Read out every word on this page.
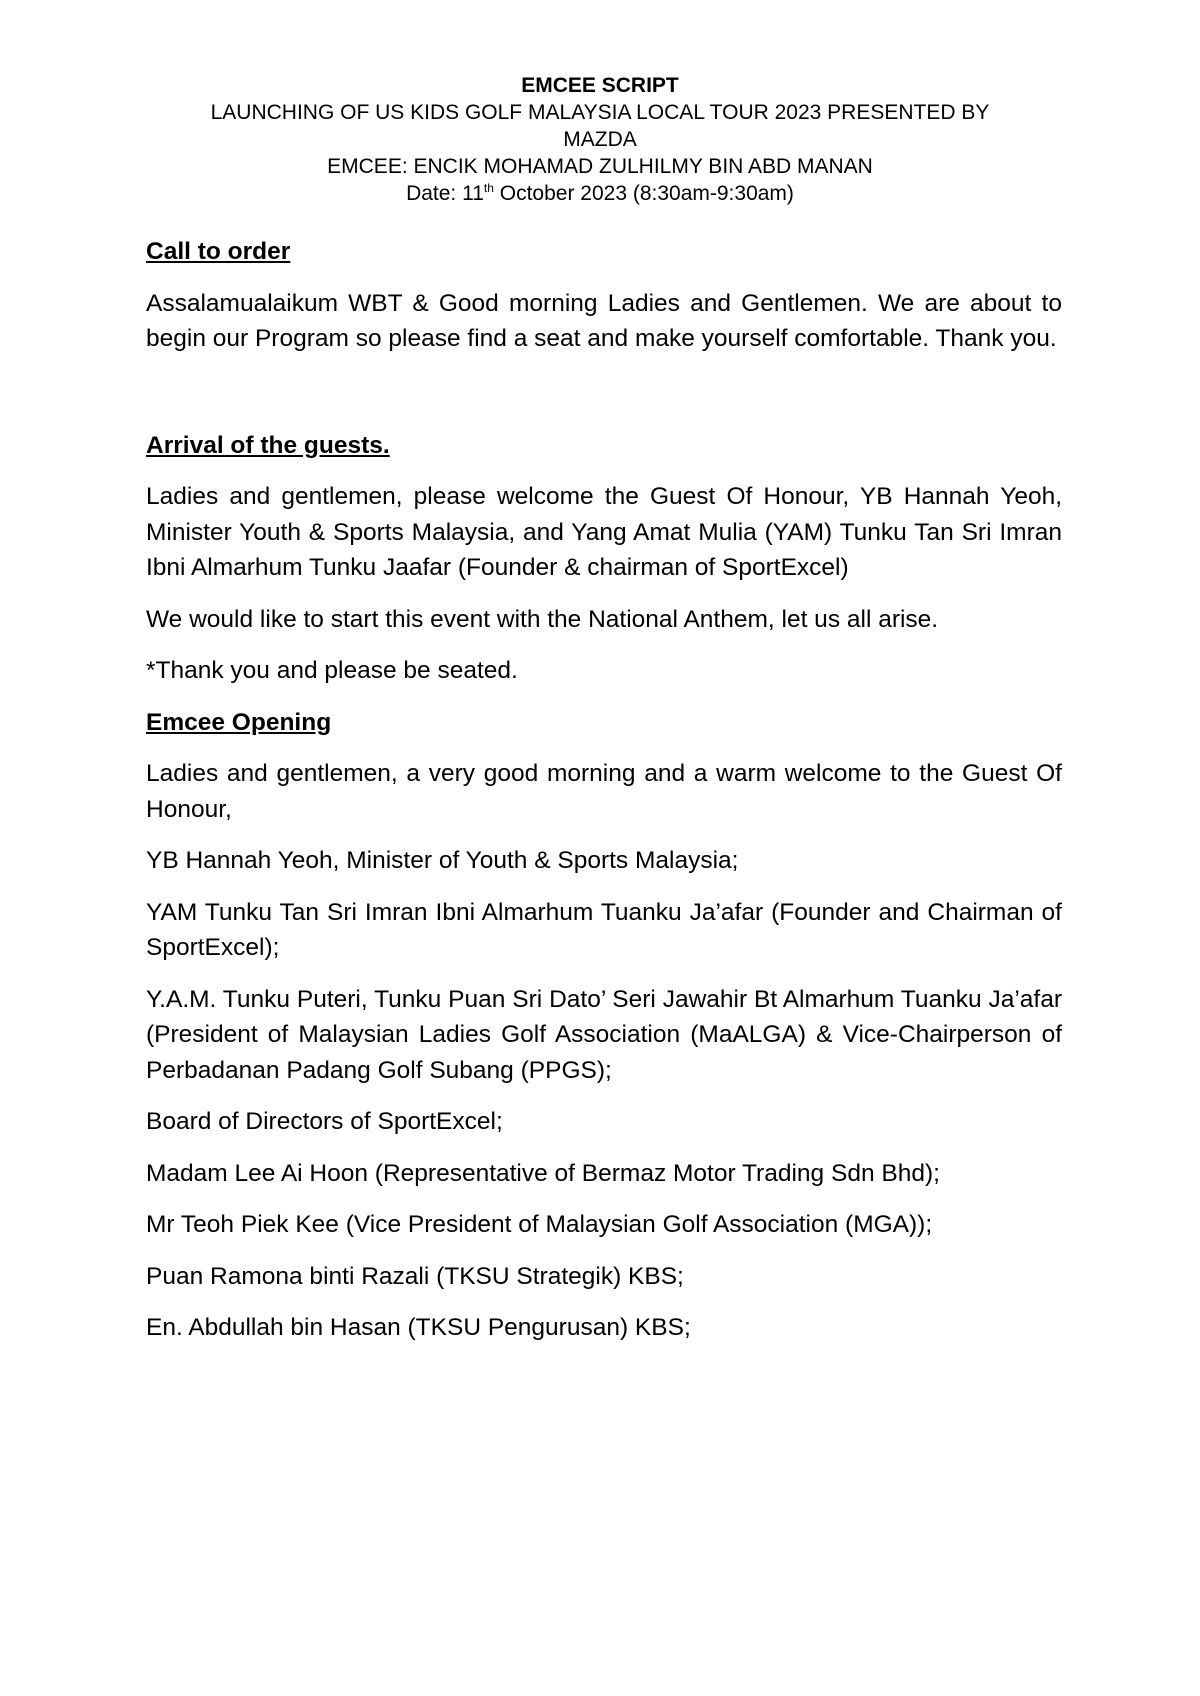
EMCEE SCRIPT
LAUNCHING OF US KIDS GOLF MALAYSIA LOCAL TOUR 2023 PRESENTED BY
MAZDA
EMCEE: ENCIK MOHAMAD ZULHILMY BIN ABD MANAN
Date: 11th October 2023 (8:30am-9:30am)
Call to order
Assalamualaikum WBT & Good morning Ladies and Gentlemen. We are about to begin our Program so please find a seat and make yourself comfortable. Thank you.
Arrival of the guests.
Ladies and gentlemen, please welcome the Guest Of Honour, YB Hannah Yeoh, Minister Youth & Sports Malaysia, and Yang Amat Mulia (YAM) Tunku Tan Sri Imran Ibni Almarhum Tunku Jaafar (Founder & chairman of SportExcel)
We would like to start this event with the National Anthem, let us all arise.
*Thank you and please be seated.
Emcee Opening
Ladies and gentlemen, a very good morning and a warm welcome to the Guest Of Honour,
YB Hannah Yeoh, Minister of Youth & Sports Malaysia;
YAM Tunku Tan Sri Imran Ibni Almarhum Tuanku Ja’afar (Founder and Chairman of SportExcel);
Y.A.M. Tunku Puteri, Tunku Puan Sri Dato’ Seri Jawahir Bt Almarhum Tuanku Ja’afar (President of Malaysian Ladies Golf Association (MaALGA) & Vice-Chairperson of Perbadanan Padang Golf Subang (PPGS);
Board of Directors of SportExcel;
Madam Lee Ai Hoon (Representative of Bermaz Motor Trading Sdn Bhd);
Mr Teoh Piek Kee (Vice President of Malaysian Golf Association (MGA));
Puan Ramona binti Razali (TKSU Strategik) KBS;
En. Abdullah bin Hasan (TKSU Pengurusan) KBS;
